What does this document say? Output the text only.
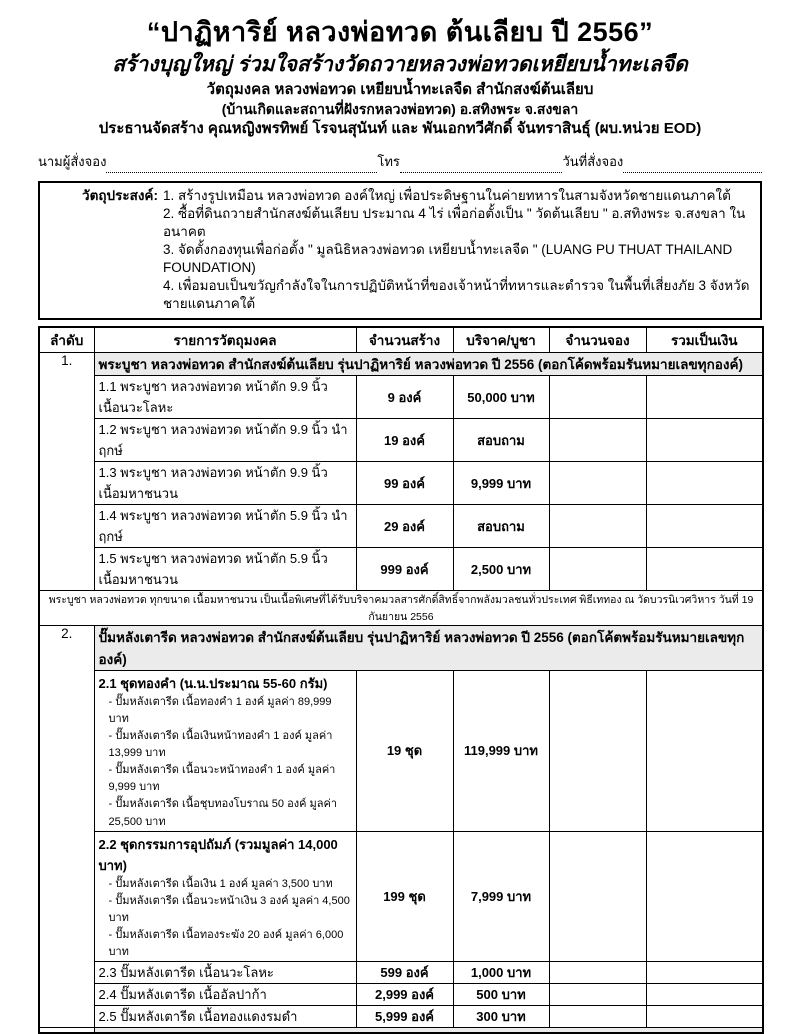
“ปาฏิหาริย์ หลวงพ่อทวด ต้นเลียบ ปี 2556”
สร้างบุญใหญ่ ร่วมใจสร้างวัดถวายหลวงพ่อทวดเหยียบน้ำทะเลจืด
วัตถุมงคล หลวงพ่อทวด เหยียบน้ำทะเลจืด สำนักสงฆ์ต้นเลียบ
(บ้านเกิดและสถานที่ฝังรกหลวงพ่อทวด) อ.สทิงพระ จ.สงขลา
ประธานจัดสร้าง คุณหญิงพรทิพย์ โรจนสุนันท์ และ พันเอกทวีศักดิ์ จันทราสินธุ์ (ผบ.หน่วย EOD)
นามผู้สั่งจอง	โทร	วันที่สั่งจอง
วัตถุประสงค์: 1. สร้างรูปเหมือน หลวงพ่อทวด องค์ใหญ่ เพื่อประดิษฐานในค่ายทหารในสามจังหวัดชายแดนภาคใต้
2. ซื้อที่ดินถวายสำนักสงฆ์ต้นเลียบ ประมาณ 4 ไร่ เพื่อก่อตั้งเป็น " วัดต้นเลียบ " อ.สทิงพระ จ.สงขลา ในอนาคต
3. จัดตั้งกองทุนเพื่อก่อตั้ง " มูลนิธิหลวงพ่อทวด เหยียบน้ำทะเลจืด " (LUANG PU THUAT THAILAND FOUNDATION)
4. เพื่อมอบเป็นขวัญกำลังใจในการปฏิบัติหน้าที่ของเจ้าหน้าที่ทหารและตำรวจ ในพื้นที่เสี่ยงภัย 3 จังหวัดชายแดนภาคใต้
ลำดับ	รายการวัตถุมงคล	จำนวนสร้าง	บริจาค/บูชา	จำนวนจอง	รวมเป็นเงิน
1.	พระบูชา หลวงพ่อทวด สำนักสงฆ์ต้นเลียบ รุ่นปาฏิหาริย์ หลวงพ่อทวด ปี 2556 (ตอกโค้ดพร้อมรันหมายเลขทุกองค์)				
	1.1 พระบูชา หลวงพ่อทวด หน้าตัก 9.9 นิ้ว เนื้อนวะโลหะ	9 องค์	50,000 บาท		
	1.2 พระบูชา หลวงพ่อทวด หน้าตัก 9.9 นิ้ว นำฤกษ์	19 องค์	สอบถาม		
	1.3 พระบูชา หลวงพ่อทวด หน้าตัก 9.9 นิ้ว เนื้อมหาชนวน	99 องค์	9,999 บาท		
	1.4 พระบูชา หลวงพ่อทวด หน้าตัก 5.9 นิ้ว นำฤกษ์	29 องค์	สอบถาม		
	1.5 พระบูชา หลวงพ่อทวด หน้าตัก 5.9 นิ้ว เนื้อมหาชนวน	999 องค์	2,500 บาท		
พระบูชา หลวงพ่อทวด ทุกขนาด เนื้อมหาชนวน เป็นเนื้อพิเศษที่ได้รับบริจาคมวลสารศักดิ์สิทธิ์จากพลังมวลชนทั่วประเทศ พิธีเททอง ณ วัดบวรนิเวศวิหาร วันที่ 19 กันยายน 2556					
2.	ปั๊มหลังเตารีด หลวงพ่อทวด สำนักสงฆ์ต้นเลียบ รุ่นปาฏิหาริย์ หลวงพ่อทวด ปี 2556 (ตอกโค้ตพร้อมรันหมายเลขทุกองค์)				

	2.1 ชุดทองคำ (น.น.ประมาณ 55-60 กรัม)
- ปั๊มหลังเตารีด เนื้อทองคำ 1 องค์ มูลค่า 89,999 บาท
- ปั๊มหลังเตารีด เนื้อเงินหน้าทองคำ 1 องค์ มูลค่า 13,999 บาท
- ปั๊มหลังเตารีด เนื้อนวะหน้าทองคำ 1 องค์ มูลค่า 9,999 บาท
- ปั๊มหลังเตารีด เนื้อชุบทองโบราณ 50 องค์ มูลค่า 25,500 บาท	19 ชุด	119,999 บาท		

	2.2 ชุดกรรมการอุปถัมภ์ (รวมมูลค่า 14,000 บาท)
- ปั๊มหลังเตารีด เนื้อเงิน 1 องค์ มูลค่า 3,500 บาท
- ปั๊มหลังเตารีด เนื้อนวะหน้าเงิน 3 องค์ มูลค่า 4,500 บาท
- ปั๊มหลังเตารีด เนื้อทองระฆัง 20 องค์ มูลค่า 6,000 บาท	199 ชุด	7,999 บาท		
	2.3 ปั๊มหลังเตารีด เนื้อนวะโลหะ	599 องค์	1,000 บาท		
	2.4 ปั๊มหลังเตารีด เนื้ออัลปาก้า	2,999 องค์	500 บาท		
	2.5 ปั๊มหลังเตารีด เนื้อทองแดงรมดำ	5,999 องค์	300 บาท		
